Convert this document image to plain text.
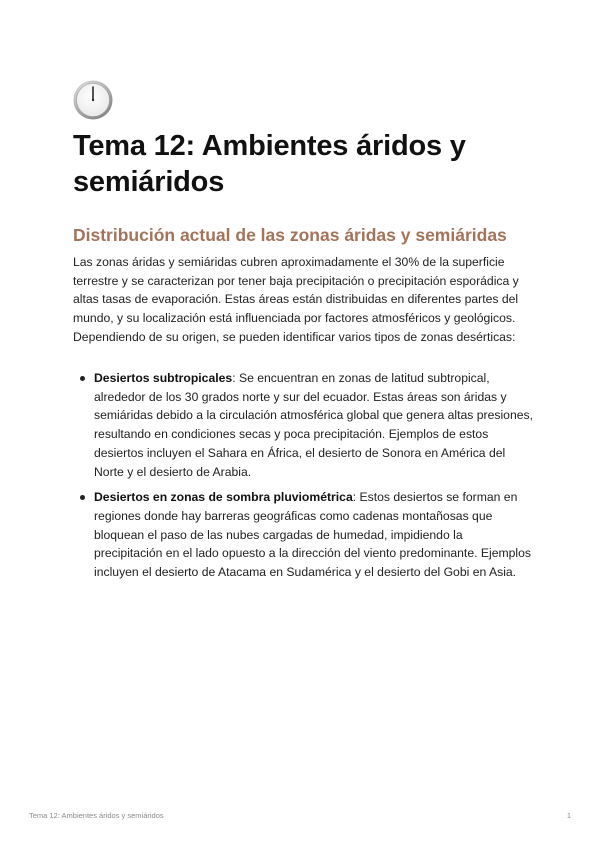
Tema 12: Ambientes áridos y semiáridos
Distribución actual de las zonas áridas y semiáridas

Las zonas áridas y semiáridas cubren aproximadamente el 30% de la superficie terrestre y se caracterizan por tener baja precipitación o precipitación esporádica y altas tasas de evaporación. Estas áreas están distribuidas en diferentes partes del mundo, y su localización está influenciada por factores atmosféricos y geológicos. Dependiendo de su origen, se pueden identificar varios tipos de zonas desérticas:

Desiertos subtropicales: Se encuentran en zonas de latitud subtropical, alrededor de los 30 grados norte y sur del ecuador. Estas áreas son áridas y semiáridas debido a la circulación atmosférica global que genera altas presiones, resultando en condiciones secas y poca precipitación. Ejemplos de estos desiertos incluyen el Sahara en África, el desierto de Sonora en América del Norte y el desierto de Arabia.
Desiertos en zonas de sombra pluviométrica: Estos desiertos se forman en regiones donde hay barreras geográficas como cadenas montañosas que bloquean el paso de las nubes cargadas de humedad, impidiendo la precipitación en el lado opuesto a la dirección del viento predominante. Ejemplos incluyen el desierto de Atacama en Sudamérica y el desierto del Gobi en Asia.
Tema 12: Ambientes áridos y semiáridos	1
